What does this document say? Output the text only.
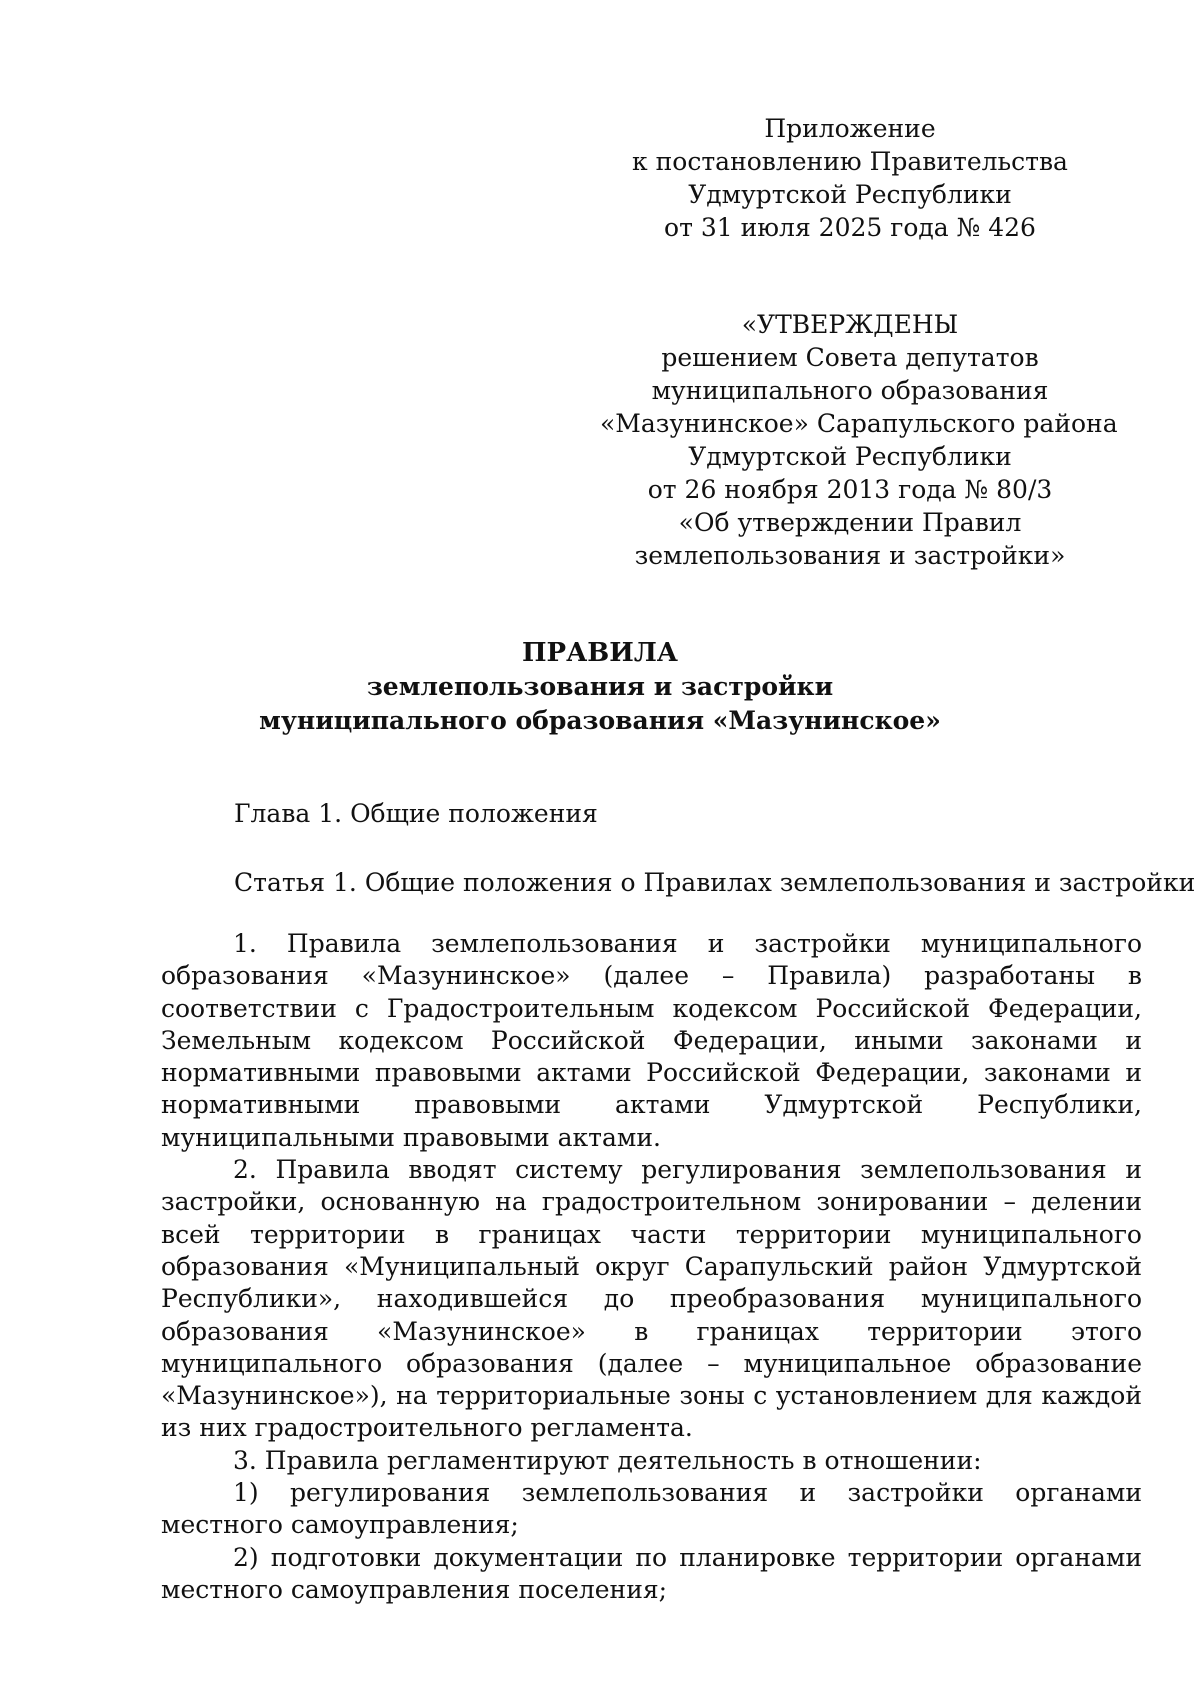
Приложение
к постановлению Правительства
Удмуртской Республики
от 31 июля 2025 года № 426
«УТВЕРЖДЕНЫ
решением Совета депутатов
муниципального образования
«Мазунинское» Сарапульского района
Удмуртской Республики
от 26 ноября 2013 года № 80/3
«Об утверждении Правил
землепользования и застройки»
ПРАВИЛА
землепользования и застройки
муниципального образования «Мазунинское»
Глава 1. Общие положения
Статья 1. Общие положения о Правилах землепользования и застройки

1. Правила землепользования и застройки муниципального образования «Мазунинское» (далее – Правила) разработаны в соответствии с Градостроительным кодексом Российской Федерации, Земельным кодексом Российской Федерации, иными законами и нормативными правовыми актами Российской Федерации, законами и нормативными правовыми актами Удмуртской Республики, муниципальными правовыми актами.

2. Правила вводят систему регулирования землепользования и застройки, основанную на градостроительном зонировании – делении всей территории в границах части территории муниципального образования «Муниципальный округ Сарапульский район Удмуртской Республики», находившейся до преобразования муниципального образования «Мазунинское» в границах территории этого муниципального образования (далее – муниципальное образование «Мазунинское»), на территориальные зоны с установлением для каждой из них градостроительного регламента.

3. Правила регламентируют деятельность в отношении:

1) регулирования землепользования и застройки органами местного самоуправления;

2) подготовки документации по планировке территории органами местного самоуправления поселения;
